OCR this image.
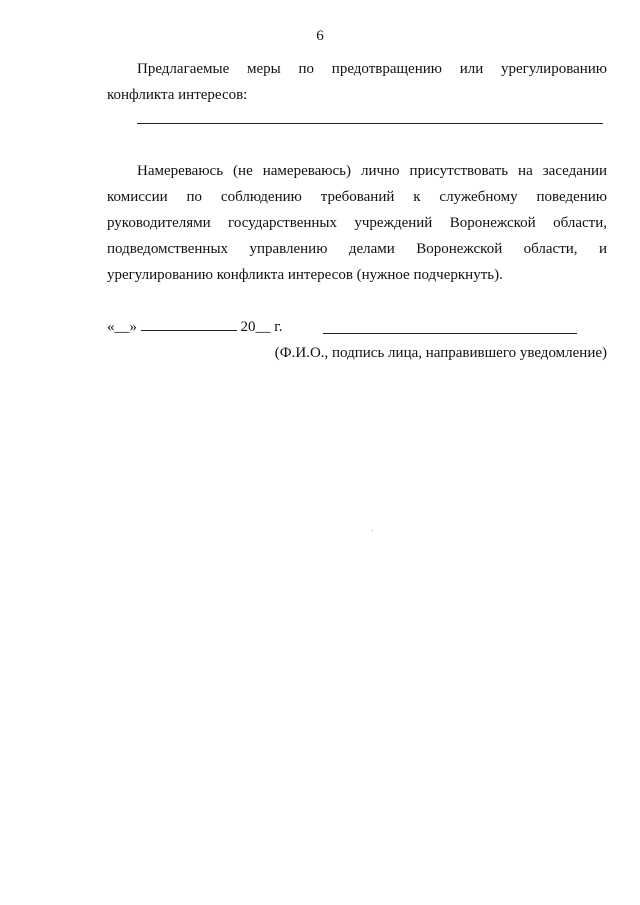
6
Предлагаемые меры по предотвращению или урегулированию
конфликта интересов:
Намереваюсь (не намереваюсь) лично присутствовать на заседании
комиссии по соблюдению требований к служебному поведению
руководителями государственных учреждений Воронежской области,
подведомственных управлению делами Воронежской области, и
урегулированию конфликта интересов (нужное подчеркнуть).
«__»	20__ г.
(Ф.И.О., подпись лица, направившего уведомление)
